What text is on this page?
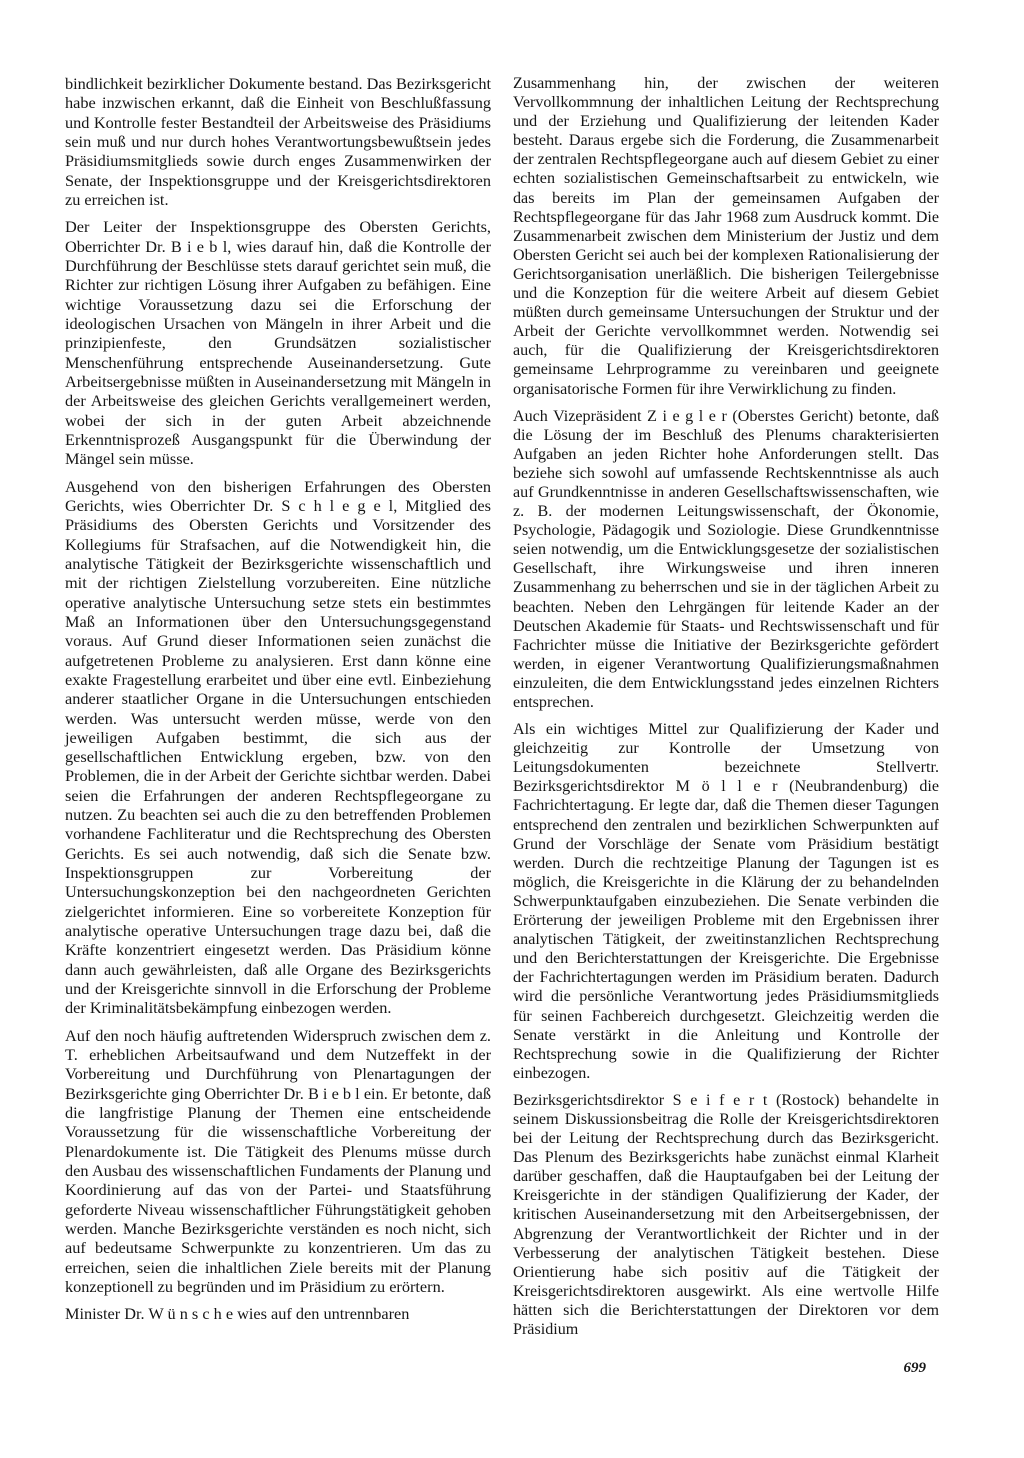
bindlichkeit bezirklicher Dokumente bestand. Das Bezirksgericht habe inzwischen erkannt, daß die Einheit von Beschlußfassung und Kontrolle fester Bestandteil der Arbeitsweise des Präsidiums sein muß und nur durch hohes Verantwortungsbewußtsein jedes Präsidiumsmitglieds sowie durch enges Zusammenwirken der Senate, der Inspektionsgruppe und der Kreisgerichtsdirektoren zu erreichen ist.

Der Leiter der Inspektionsgruppe des Obersten Gerichts, Oberrichter Dr. B i e b l, wies darauf hin, daß die Kontrolle der Durchführung der Beschlüsse stets darauf gerichtet sein muß, die Richter zur richtigen Lösung ihrer Aufgaben zu befähigen. Eine wichtige Voraussetzung dazu sei die Erforschung der ideologischen Ursachen von Mängeln in ihrer Arbeit und die prinzipienfeste, den Grundsätzen sozialistischer Menschenführung entsprechende Auseinandersetzung. Gute Arbeitsergebnisse müßten in Auseinandersetzung mit Mängeln in der Arbeitsweise des gleichen Gerichts verallgemeinert werden, wobei der sich in der guten Arbeit abzeichnende Erkenntnisprozeß Ausgangspunkt für die Überwindung der Mängel sein müsse.

Ausgehend von den bisherigen Erfahrungen des Obersten Gerichts, wies Oberrichter Dr. S c h l e g e l, Mitglied des Präsidiums des Obersten Gerichts und Vorsitzender des Kollegiums für Strafsachen, auf die Notwendigkeit hin, die analytische Tätigkeit der Bezirksgerichte wissenschaftlich und mit der richtigen Zielstellung vorzubereiten. Eine nützliche operative analytische Untersuchung setze stets ein bestimmtes Maß an Informationen über den Untersuchungsgegenstand voraus. Auf Grund dieser Informationen seien zunächst die aufgetretenen Probleme zu analysieren. Erst dann könne eine exakte Fragestellung erarbeitet und über eine evtl. Einbeziehung anderer staatlicher Organe in die Untersuchungen entschieden werden. Was untersucht werden müsse, werde von den jeweiligen Aufgaben bestimmt, die sich aus der gesellschaftlichen Entwicklung ergeben, bzw. von den Problemen, die in der Arbeit der Gerichte sichtbar werden. Dabei seien die Erfahrungen der anderen Rechtspflegeorgane zu nutzen. Zu beachten sei auch die zu den betreffenden Problemen vorhandene Fachliteratur und die Rechtsprechung des Obersten Gerichts. Es sei auch notwendig, daß sich die Senate bzw. Inspektionsgruppen zur Vorbereitung der Untersuchungskonzeption bei den nachgeordneten Gerichten zielgerichtet informieren. Eine so vorbereitete Konzeption für analytische operative Untersuchungen trage dazu bei, daß die Kräfte konzentriert eingesetzt werden. Das Präsidium könne dann auch gewährleisten, daß alle Organe des Bezirksgerichts und der Kreisgerichte sinnvoll in die Erforschung der Probleme der Kriminalitätsbekämpfung einbezogen werden.

Auf den noch häufig auftretenden Widerspruch zwischen dem z. T. erheblichen Arbeitsaufwand und dem Nutzeffekt in der Vorbereitung und Durchführung von Plenartagungen der Bezirksgerichte ging Oberrichter Dr. B i e b l ein. Er betonte, daß die langfristige Planung der Themen eine entscheidende Voraussetzung für die wissenschaftliche Vorbereitung der Plenardokumente ist. Die Tätigkeit des Plenums müsse durch den Ausbau des wissenschaftlichen Fundaments der Planung und Koordinierung auf das von der Partei- und Staatsführung geforderte Niveau wissenschaftlicher Führungstätigkeit gehoben werden. Manche Bezirksgerichte verständen es noch nicht, sich auf bedeutsame Schwerpunkte zu konzentrieren. Um das zu erreichen, seien die inhaltlichen Ziele bereits mit der Planung konzeptionell zu begründen und im Präsidium zu erörtern.

Minister Dr. W ü n s c h e wies auf den untrennbaren

Zusammenhang hin, der zwischen der weiteren Vervollkommnung der inhaltlichen Leitung der Rechtsprechung und der Erziehung und Qualifizierung der leitenden Kader besteht. Daraus ergebe sich die Forderung, die Zusammenarbeit der zentralen Rechtspflegeorgane auch auf diesem Gebiet zu einer echten sozialistischen Gemeinschaftsarbeit zu entwickeln, wie das bereits im Plan der gemeinsamen Aufgaben der Rechtspflegeorgane für das Jahr 1968 zum Ausdruck kommt. Die Zusammenarbeit zwischen dem Ministerium der Justiz und dem Obersten Gericht sei auch bei der komplexen Rationalisierung der Gerichtsorganisation unerläßlich. Die bisherigen Teilergebnisse und die Konzeption für die weitere Arbeit auf diesem Gebiet müßten durch gemeinsame Untersuchungen der Struktur und der Arbeit der Gerichte vervollkommnet werden. Notwendig sei auch, für die Qualifizierung der Kreisgerichtsdirektoren gemeinsame Lehrprogramme zu vereinbaren und geeignete organisatorische Formen für ihre Verwirklichung zu finden.

Auch Vizepräsident Z i e g l e r (Oberstes Gericht) betonte, daß die Lösung der im Beschluß des Plenums charakterisierten Aufgaben an jeden Richter hohe Anforderungen stellt. Das beziehe sich sowohl auf umfassende Rechtskenntnisse als auch auf Grundkenntnisse in anderen Gesellschaftswissenschaften, wie z. B. der modernen Leitungswissenschaft, der Ökonomie, Psychologie, Pädagogik und Soziologie. Diese Grundkenntnisse seien notwendig, um die Entwicklungsgesetze der sozialistischen Gesellschaft, ihre Wirkungsweise und ihren inneren Zusammenhang zu beherrschen und sie in der täglichen Arbeit zu beachten. Neben den Lehrgängen für leitende Kader an der Deutschen Akademie für Staats- und Rechtswissenschaft und für Fachrichter müsse die Initiative der Bezirksgerichte gefördert werden, in eigener Verantwortung Qualifizierungsmaßnahmen einzuleiten, die dem Entwicklungsstand jedes einzelnen Richters entsprechen.

Als ein wichtiges Mittel zur Qualifizierung der Kader und gleichzeitig zur Kontrolle der Umsetzung von Leitungsdokumenten bezeichnete Stellvertr. Bezirksgerichtsdirektor M ö l l e r (Neubrandenburg) die Fachrichtertagung. Er legte dar, daß die Themen dieser Tagungen entsprechend den zentralen und bezirklichen Schwerpunkten auf Grund der Vorschläge der Senate vom Präsidium bestätigt werden. Durch die rechtzeitige Planung der Tagungen ist es möglich, die Kreisgerichte in die Klärung der zu behandelnden Schwerpunktaufgaben einzubeziehen. Die Senate verbinden die Erörterung der jeweiligen Probleme mit den Ergebnissen ihrer analytischen Tätigkeit, der zweitinstanzlichen Rechtsprechung und den Berichterstattungen der Kreisgerichte. Die Ergebnisse der Fachrichtertagungen werden im Präsidium beraten. Dadurch wird die persönliche Verantwortung jedes Präsidiumsmitglieds für seinen Fachbereich durchgesetzt. Gleichzeitig werden die Senate verstärkt in die Anleitung und Kontrolle der Rechtsprechung sowie in die Qualifizierung der Richter einbezogen.

Bezirksgerichtsdirektor S e i f e r t (Rostock) behandelte in seinem Diskussionsbeitrag die Rolle der Kreisgerichtsdirektoren bei der Leitung der Rechtsprechung durch das Bezirksgericht. Das Plenum des Bezirksgerichts habe zunächst einmal Klarheit darüber geschaffen, daß die Hauptaufgaben bei der Leitung der Kreisgerichte in der ständigen Qualifizierung der Kader, der kritischen Auseinandersetzung mit den Arbeitsergebnissen, der Abgrenzung der Verantwortlichkeit der Richter und in der Verbesserung der analytischen Tätigkeit bestehen. Diese Orientierung habe sich positiv auf die Tätigkeit der Kreisgerichtsdirektoren ausgewirkt. Als eine wertvolle Hilfe hätten sich die Berichterstattungen der Direktoren vor dem Präsidium

699
